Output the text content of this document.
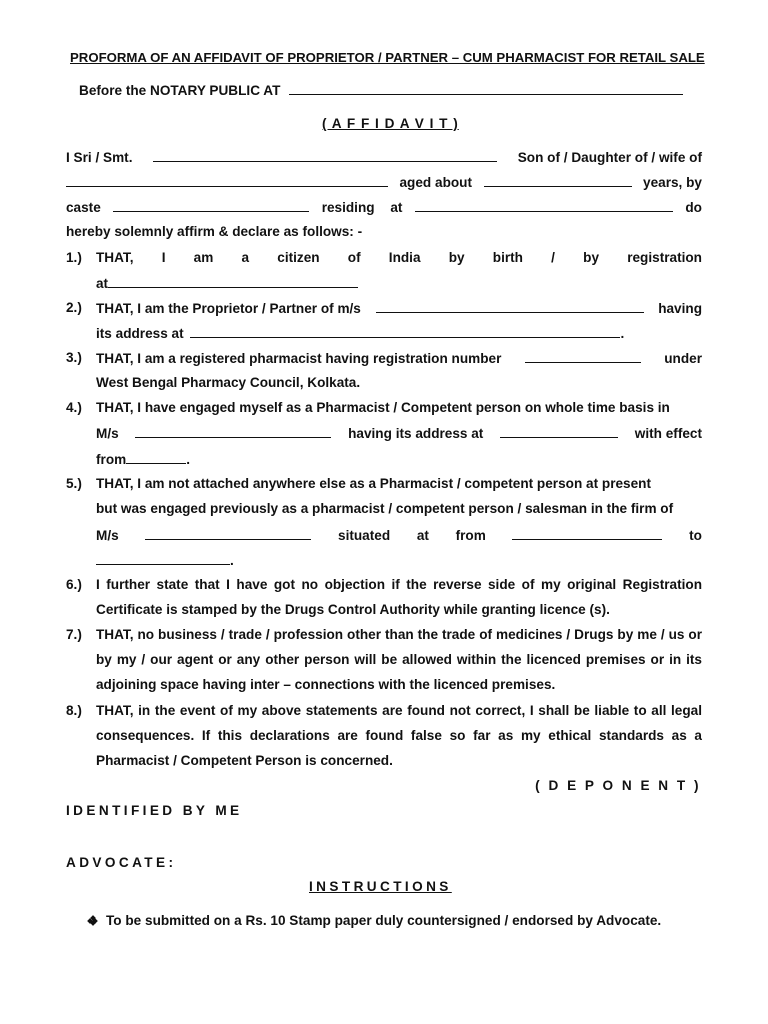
PROFORMA OF AN AFFIDAVIT OF PROPRIETOR / PARTNER – CUM PHARMACIST FOR RETAIL SALE
Before the NOTARY PUBLIC AT
( A F F I D A V I T )
I Sri / Smt.	Son of / Daughter of / wife of
aged about	years, by
caste	residing at	do
hereby solemnly affirm & declare as follows: -
1.) THAT, I am a citizen of India by birth / by registration
at
2.) THAT, I am the Proprietor / Partner of m/s	having
its address at	.
3.) THAT, I am a registered pharmacist having registration number	under
West Bengal Pharmacy Council, Kolkata.
4.) THAT, I have engaged myself as a Pharmacist / Competent person on whole time basis in
M/s	having its address at	with effect
from	.
5.) THAT, I am not attached anywhere else as a Pharmacist / competent person at present
but was engaged previously as a pharmacist / competent person / salesman in the firm of
M/s	situated at from	to
.
6.) I further state that I have got no objection if the reverse side of my original Registration Certificate is stamped by the Drugs Control Authority while granting licence (s).
7.) THAT, no business / trade / profession other than the trade of medicines / Drugs by me / us or by my / our agent or any other person will be allowed within the licenced premises or in its adjoining space having inter – connections with the licenced premises.
8.) THAT, in the event of my above statements are found not correct, I shall be liable to all legal consequences. If this declarations are found false so far as my ethical standards as a Pharmacist / Competent Person is concerned.
( D E P O N E N T )
IDENTIFIED BY ME
ADVOCATE:
INSTRUCTIONS
To be submitted on a Rs. 10 Stamp paper duly countersigned / endorsed by Advocate.
